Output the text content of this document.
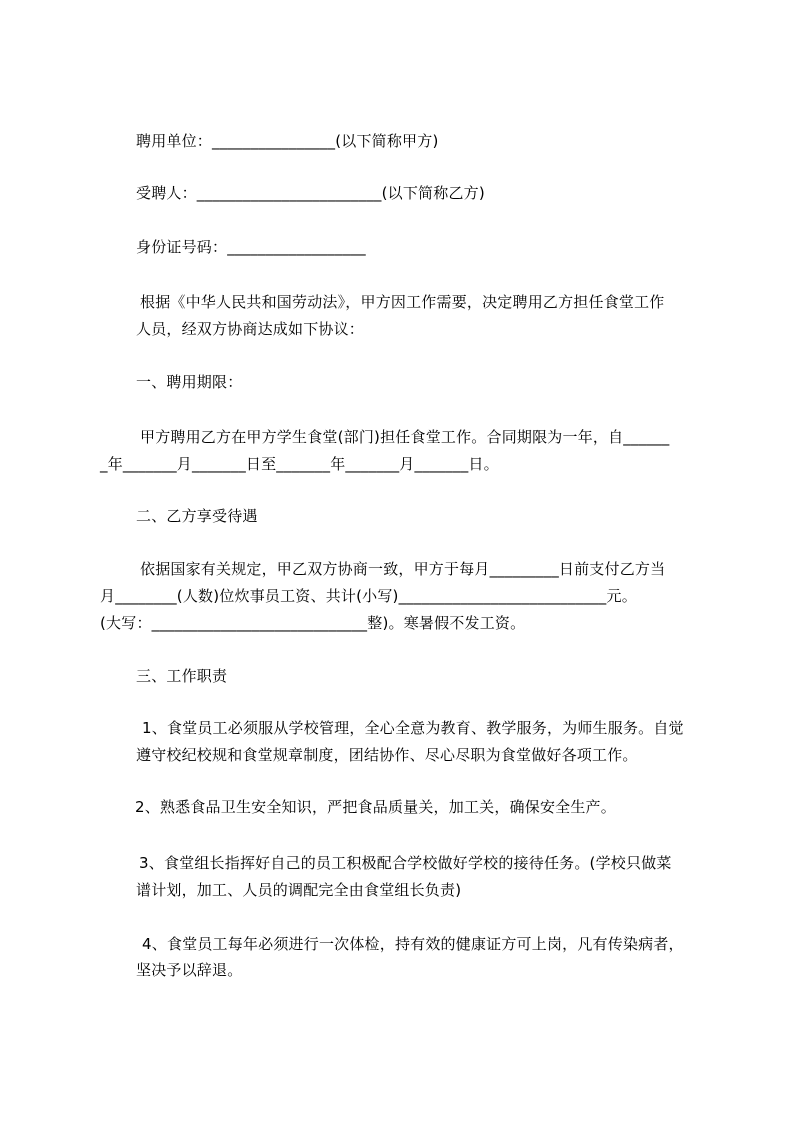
聘用单位：________________(以下简称甲方)
受聘人：________________________(以下简称乙方)
身份证号码：__________________
根据《中华人民共和国劳动法》，甲方因工作需要，决定聘用乙方担任食堂工作
人员，经双方协商达成如下协议：
一、聘用期限：
甲方聘用乙方在甲方学生食堂(部门)担任食堂工作。合同期限为一年，自______
_年_______月_______日至_______年_______月_______日。
二、乙方享受待遇
依据国家有关规定，甲乙双方协商一致，甲方于每月_________日前支付乙方当
月________(人数)位炊事员工资、共计(小写)___________________________元。
(大写：____________________________整)。寒暑假不发工资。
三、工作职责
1、食堂员工必须服从学校管理，全心全意为教育、教学服务，为师生服务。自觉
遵守校纪校规和食堂规章制度，团结协作、尽心尽职为食堂做好各项工作。
2、熟悉食品卫生安全知识，严把食品质量关，加工关，确保安全生产。
3、食堂组长指挥好自己的员工积极配合学校做好学校的接待任务。(学校只做菜
谱计划，加工、人员的调配完全由食堂组长负责)
4、食堂员工每年必须进行一次体检，持有效的健康证方可上岗，凡有传染病者，
坚决予以辞退。
